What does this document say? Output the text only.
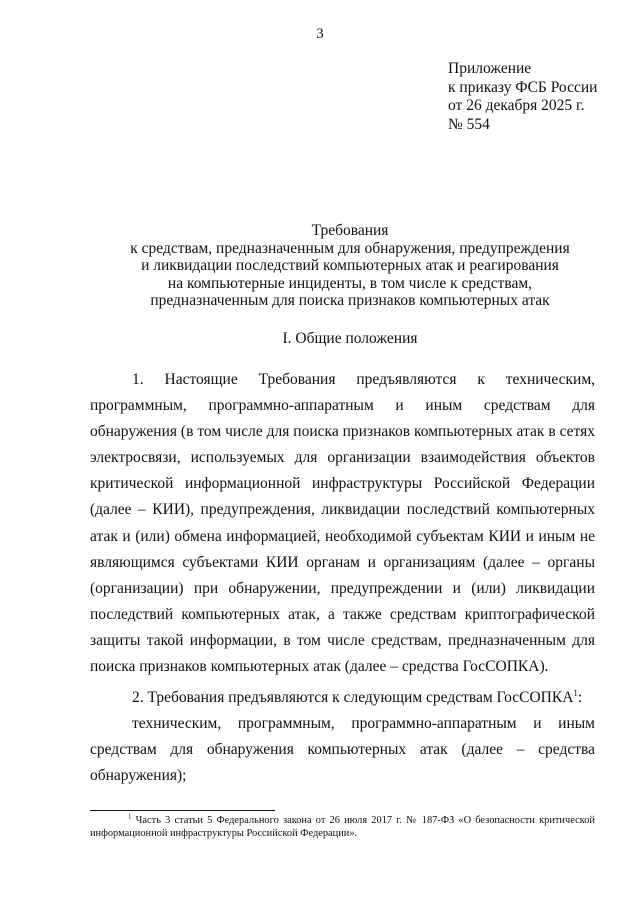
3
Приложение
к приказу ФСБ России
от 26 декабря 2025 г.
№ 554
Требования
к средствам, предназначенным для обнаружения, предупреждения
и ликвидации последствий компьютерных атак и реагирования
на компьютерные инциденты, в том числе к средствам,
предназначенным для поиска признаков компьютерных атак
I. Общие положения

1. Настоящие Требования предъявляются к техническим, программным, программно-аппаратным и иным средствам для обнаружения (в том числе для поиска признаков компьютерных атак в сетях электросвязи, используемых для организации взаимодействия объектов критической информационной инфраструктуры Российской Федерации (далее – КИИ), предупреждения, ликвидации последствий компьютерных атак и (или) обмена информацией, необходимой субъектам КИИ и иным не являющимся субъектами КИИ органам и организациям (далее – органы (организации) при обнаружении, предупреждении и (или) ликвидации последствий компьютерных атак, а также средствам криптографической защиты такой информации, в том числе средствам, предназначенным для поиска признаков компьютерных атак (далее – средства ГосСОПКА).

2. Требования предъявляются к следующим средствам ГосСОПКА$^1$:

техническим, программным, программно-аппаратным и иным средствам для обнаружения компьютерных атак (далее – средства обнаружения);

$^1$ Часть 3 статьи 5 Федерального закона от 26 июля 2017 г. № 187-ФЗ «О безопасности критической информационной инфраструктуры Российской Федерации».
